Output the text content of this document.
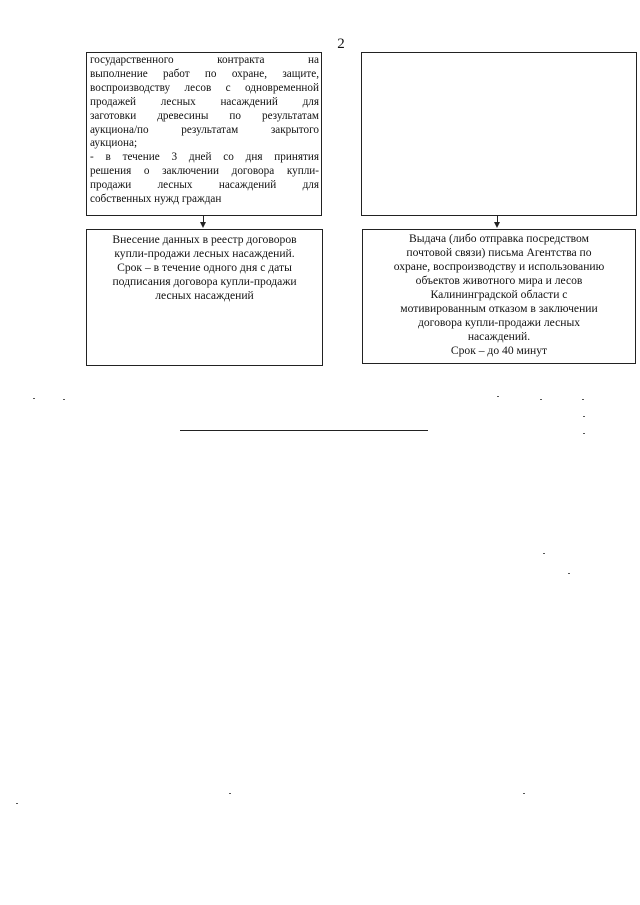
2

государственного контракта на

выполнение работ по охране, защите,

воспроизводству лесов с одновременной

продажей лесных насаждений для

заготовки древесины по результатам

аукциона/по результатам закрытого

аукциона;

- в течение 3 дней со дня принятия

решения о заключении договора купли-

продажи лесных насаждений для

собственных нужд граждан

Внесение данных в реестр договоров
купли-продажи лесных насаждений.
Срок – в течение одного дня с даты
подписания договора купли-продажи
лесных насаждений
Выдача (либо отправка посредством
почтовой связи) письма Агентства по
охране, воспроизводству и использованию
объектов животного мира и лесов
Калининградской области с
мотивированным отказом в заключении
договора купли-продажи лесных
насаждений.
Срок – до 40 минут
